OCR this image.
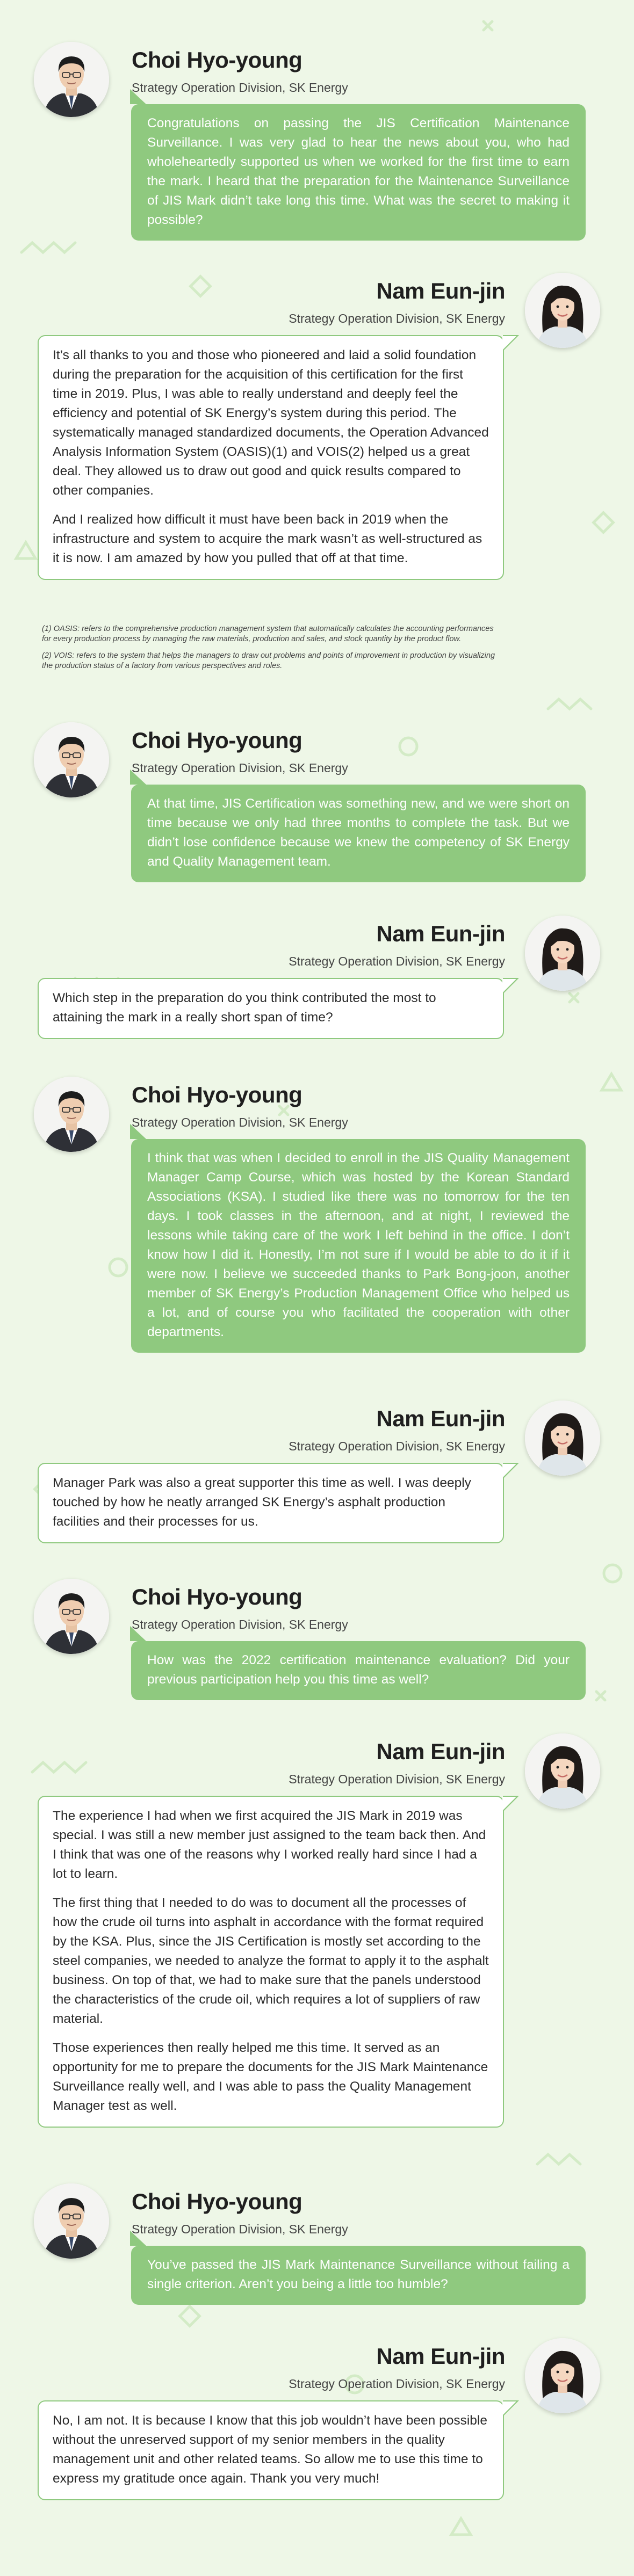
Choi Hyo-young
Strategy Operation Division, SK Energy

Congratulations on passing the JIS Certification Maintenance Surveillance. I was very glad to hear the news about you, who had wholeheartedly supported us when we worked for the first time to earn the mark. I heard that the preparation for the Maintenance Surveillance of JIS Mark didn’t take long this time. What was the secret to making it possible?

Nam Eun-jin
Strategy Operation Division, SK Energy

It’s all thanks to you and those who pioneered and laid a solid foundation during the preparation for the acquisition of this certification for the first time in 2019. Plus, I was able to really understand and deeply feel the efficiency and potential of SK Energy’s system during this period. The systematically managed standardized documents, the Operation Advanced Analysis Information System (OASIS)(1) and VOIS(2) helped us a great deal. They allowed us to draw out good and quick results compared to other companies.

And I realized how difficult it must have been back in 2019 when the infrastructure and system to acquire the mark wasn’t as well-structured as it is now. I am amazed by how you pulled that off at that time.

(1) OASIS: refers to the comprehensive production management system that automatically calculates the accounting performances for every production process by managing the raw materials, production and sales, and stock quantity by the product flow.

(2) VOIS: refers to the system that helps the managers to draw out problems and points of improvement in production by visualizing the production status of a factory from various perspectives and roles.

Choi Hyo-young
Strategy Operation Division, SK Energy

At that time, JIS Certification was something new, and we were short on time because we only had three months to complete the task. But we didn’t lose confidence because we knew the competency of SK Energy and Quality Management team.

Nam Eun-jin
Strategy Operation Division, SK Energy

Which step in the preparation do you think contributed the most to attaining the mark in a really short span of time?

Choi Hyo-young
Strategy Operation Division, SK Energy

I think that was when I decided to enroll in the JIS Quality Management Manager Camp Course, which was hosted by the Korean Standard Associations (KSA). I studied like there was no tomorrow for the ten days. I took classes in the afternoon, and at night, I reviewed the lessons while taking care of the work I left behind in the office. I don’t know how I did it. Honestly, I’m not sure if I would be able to do it if it were now. I believe we succeeded thanks to Park Bong-joon, another member of SK Energy’s Production Management Office who helped us a lot, and of course you who facilitated the cooperation with other departments.

Nam Eun-jin
Strategy Operation Division, SK Energy

Manager Park was also a great supporter this time as well. I was deeply touched by how he neatly arranged SK Energy’s asphalt production facilities and their processes for us.

Choi Hyo-young
Strategy Operation Division, SK Energy

How was the 2022 certification maintenance evaluation? Did your previous participation help you this time as well?

Nam Eun-jin
Strategy Operation Division, SK Energy

The experience I had when we first acquired the JIS Mark in 2019 was special. I was still a new member just assigned to the team back then. And I think that was one of the reasons why I worked really hard since I had a lot to learn.

The first thing that I needed to do was to document all the processes of how the crude oil turns into asphalt in accordance with the format required by the KSA. Plus, since the JIS Certification is mostly set according to the steel companies, we needed to analyze the format to apply it to the asphalt business. On top of that, we had to make sure that the panels understood the characteristics of the crude oil, which requires a lot of suppliers of raw material.

Those experiences then really helped me this time. It served as an opportunity for me to prepare the documents for the JIS Mark Maintenance Surveillance really well, and I was able to pass the Quality Management Manager test as well.

Choi Hyo-young
Strategy Operation Division, SK Energy

You’ve passed the JIS Mark Maintenance Surveillance without failing a single criterion. Aren’t you being a little too humble?

Nam Eun-jin
Strategy Operation Division, SK Energy

No, I am not. It is because I know that this job wouldn’t have been possible without the unreserved support of my senior members in the quality management unit and other related teams. So allow me to use this time to express my gratitude once again. Thank you very much!
